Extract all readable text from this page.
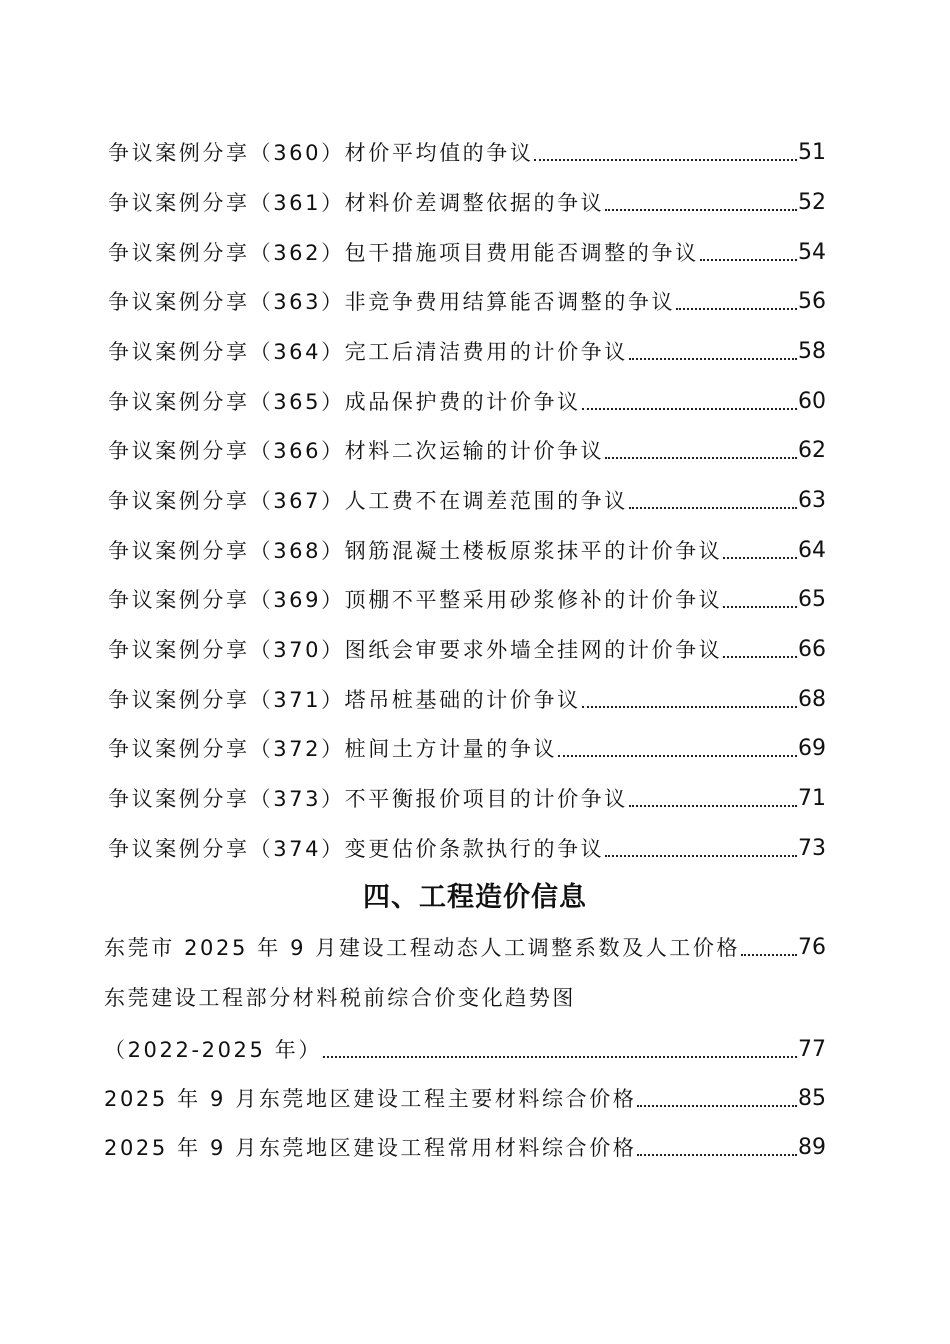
争议案例分享（360）材价平均值的争议	51
争议案例分享（361）材料价差调整依据的争议	52
争议案例分享（362）包干措施项目费用能否调整的争议	54
争议案例分享（363）非竞争费用结算能否调整的争议	56
争议案例分享（364）完工后清洁费用的计价争议	58
争议案例分享（365）成品保护费的计价争议	60
争议案例分享（366）材料二次运输的计价争议	62
争议案例分享（367）人工费不在调差范围的争议	63
争议案例分享（368）钢筋混凝土楼板原浆抹平的计价争议	64
争议案例分享（369）顶棚不平整采用砂浆修补的计价争议	65
争议案例分享（370）图纸会审要求外墙全挂网的计价争议	66
争议案例分享（371）塔吊桩基础的计价争议	68
争议案例分享（372）桩间土方计量的争议	69
争议案例分享（373）不平衡报价项目的计价争议	71
争议案例分享（374）变更估价条款执行的争议	73
四、工程造价信息
东莞市 2025 年 9 月建设工程动态人工调整系数及人工价格	76
东莞建设工程部分材料税前综合价变化趋势图
（2022-2025 年）	77
2025 年 9 月东莞地区建设工程主要材料综合价格	85
2025 年 9 月东莞地区建设工程常用材料综合价格	89
